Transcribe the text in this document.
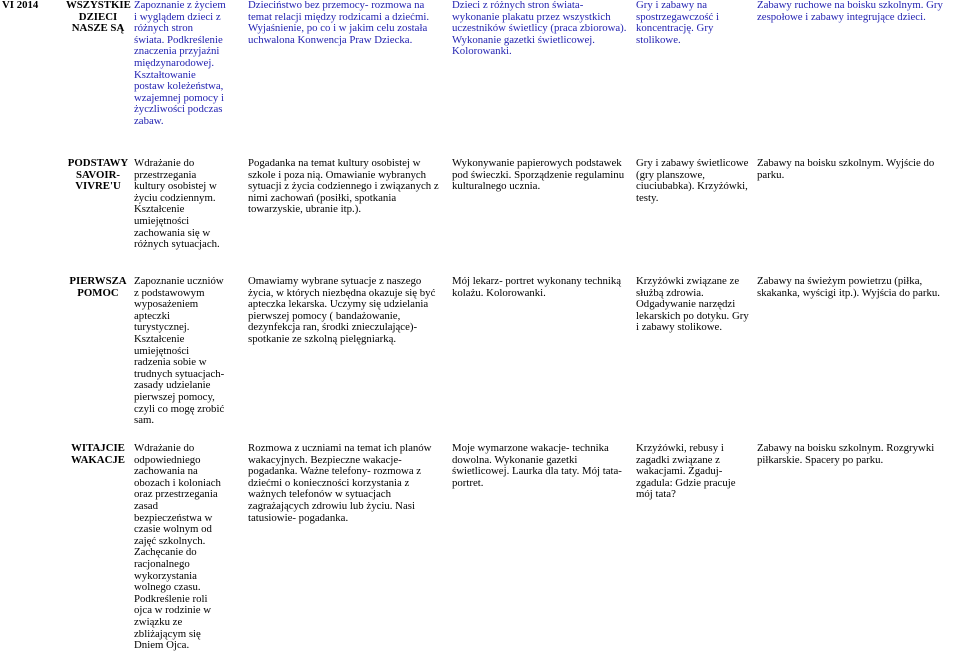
VI 2014	WSZYSTKIE DZIECI NASZE SĄ

Zapoznanie z życiem i wyglądem dzieci z różnych stron świata. Podkreślenie znaczenia przyjaźni międzynarodowej. Kształtowanie postaw koleżeństwa, wzajemnej pomocy i życzliwości podczas zabaw.

Dzieciństwo bez przemocy- rozmowa na temat relacji między rodzicami a dziećmi. Wyjaśnienie, po co i w jakim celu została uchwalona Konwencja Praw Dziecka.

Dzieci z różnych stron świata- wykonanie plakatu przez wszystkich uczestników świetlicy (praca zbiorowa). Wykonanie gazetki świetlicowej. Kolorowanki.

Gry i zabawy na spostrzegawczość i koncentrację. Gry stolikowe.

Zabawy ruchowe na boisku szkolnym. Gry zespołowe i zabawy integrujące dzieci.

PODSTAWY SAVOIR-VIVRE'U

Wdrażanie do przestrzegania kultury osobistej w życiu codziennym. Kształcenie umiejętności zachowania się w różnych sytuacjach.

Pogadanka na temat kultury osobistej w szkole i poza nią. Omawianie wybranych sytuacji z życia codziennego i związanych z nimi zachowań (posiłki, spotkania towarzyskie, ubranie itp.).

Wykonywanie papierowych podstawek pod świeczki. Sporządzenie regulaminu kulturalnego ucznia.

Gry i zabawy świetlicowe (gry planszowe, ciuciubabka). Krzyżówki, testy.

Zabawy na boisku szkolnym. Wyjście do parku.

PIERWSZA POMOC

Zapoznanie uczniów z podstawowym wyposażeniem apteczki turystycznej. Kształcenie umiejętności radzenia sobie w trudnych sytuacjach-zasady udzielanie pierwszej pomocy, czyli co mogę zrobić sam.

Omawiamy wybrane sytuacje z naszego życia, w których niezbędna okazuje się być apteczka lekarska. Uczymy się udzielania pierwszej pomocy ( bandażowanie, dezynfekcja ran, środki znieczulające)-spotkanie ze szkolną pielęgniarką.

Mój lekarz- portret wykonany techniką kolażu. Kolorowanki.

Krzyżówki związane ze służbą zdrowia. Odgadywanie narzędzi lekarskich po dotyku. Gry i zabawy stolikowe.

Zabawy na świeżym powietrzu (piłka, skakanka, wyścigi itp.). Wyjścia do parku.

WITAJCIE WAKACJE

Wdrażanie do odpowiedniego zachowania na obozach i koloniach oraz przestrzegania zasad bezpieczeństwa w czasie wolnym od zajęć szkolnych. Zachęcanie do racjonalnego wykorzystania wolnego czasu. Podkreślenie roli ojca w rodzinie w związku ze zbliżającym się Dniem Ojca.

Rozmowa z uczniami na temat ich planów wakacyjnych. Bezpieczne wakacje- pogadanka. Ważne telefony- rozmowa z dziećmi o konieczności korzystania z ważnych telefonów w sytuacjach zagrażających zdrowiu lub życiu. Nasi tatusiowie- pogadanka.

Moje wymarzone wakacje- technika dowolna. Wykonanie gazetki świetlicowej. Laurka dla taty. Mój tata- portret.

Krzyżówki, rebusy i zagadki związane z wakacjami. Zgaduj-zgadula: Gdzie pracuje mój tata?

Zabawy na boisku szkolnym. Rozgrywki piłkarskie. Spacery po parku.
